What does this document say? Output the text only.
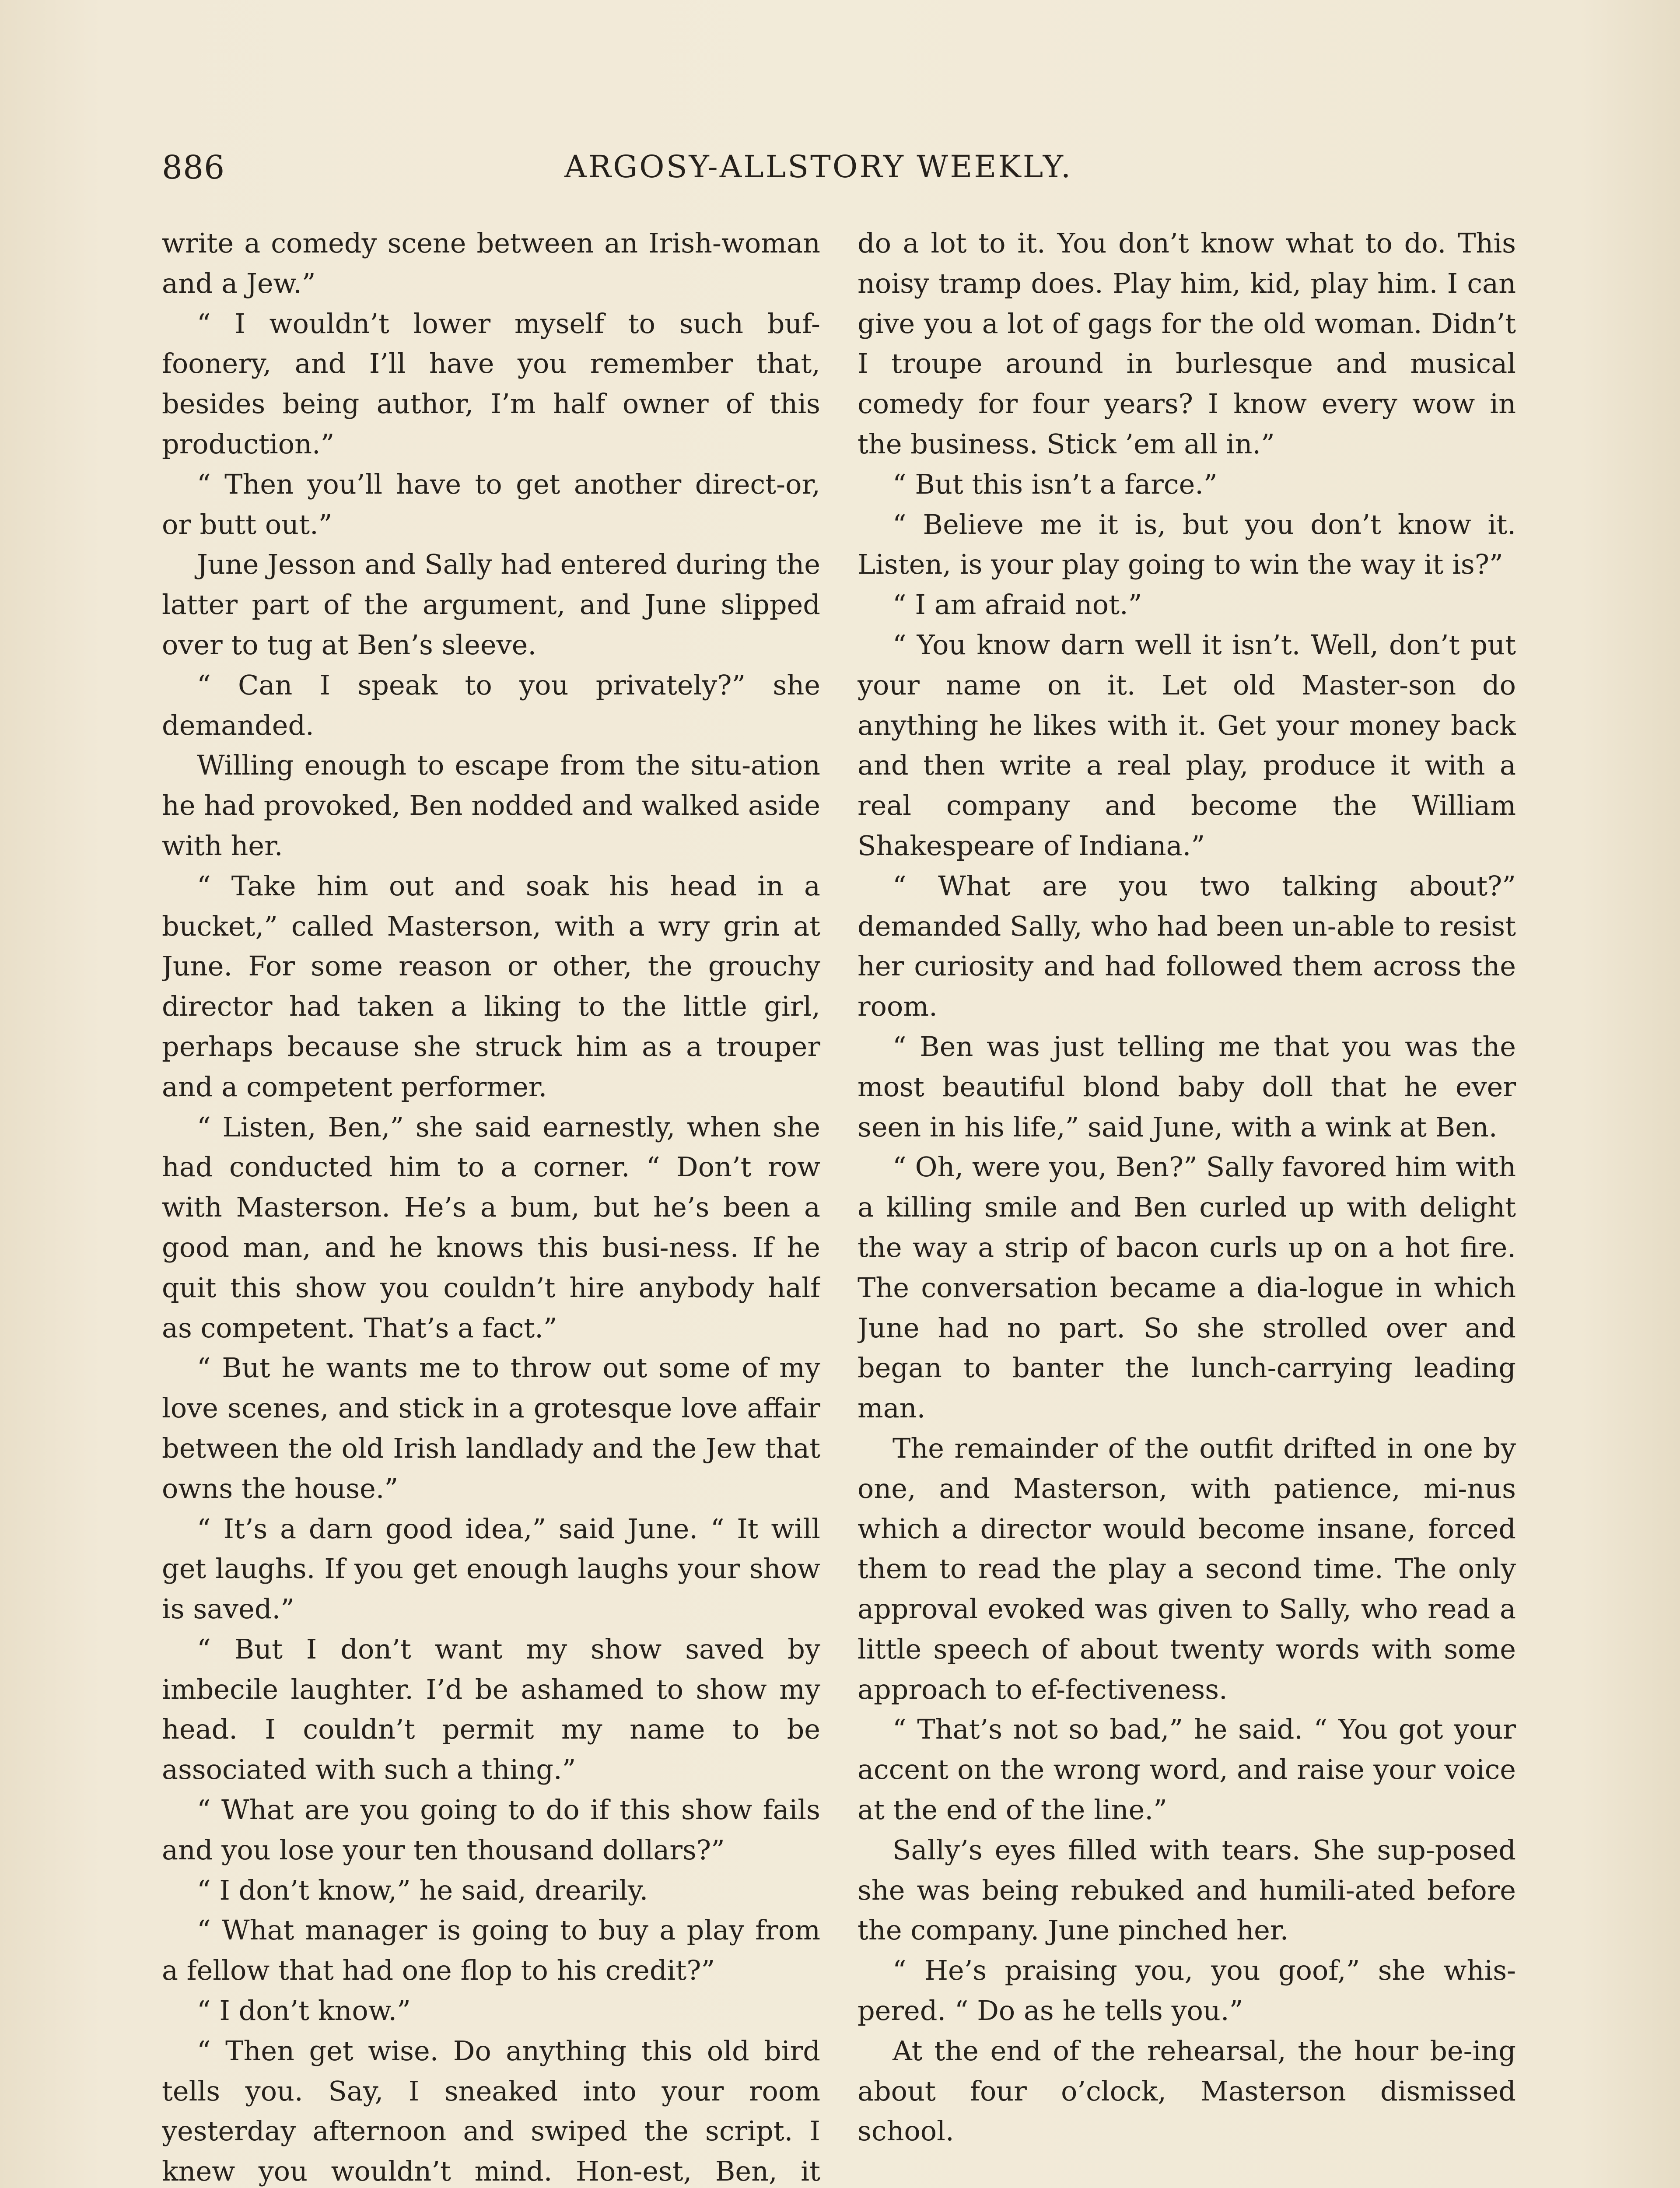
886	ARGOSY-ALLSTORY WEEKLY.

write a comedy scene between an Irish-woman and a Jew.”

“ I wouldn’t lower myself to such buf-foonery, and I’ll have you remember that, besides being author, I’m half owner of this production.”

“ Then you’ll have to get another direct-or, or butt out.”

June Jesson and Sally had entered during the latter part of the argument, and June slipped over to tug at Ben’s sleeve.

“ Can I speak to you privately?” she demanded.

Willing enough to escape from the situ-ation he had provoked, Ben nodded and walked aside with her.

“ Take him out and soak his head in a bucket,” called Masterson, with a wry grin at June. For some reason or other, the grouchy director had taken a liking to the little girl, perhaps because she struck him as a trouper and a competent performer.

“ Listen, Ben,” she said earnestly, when she had conducted him to a corner. “ Don’t row with Masterson. He’s a bum, but he’s been a good man, and he knows this busi-ness. If he quit this show you couldn’t hire anybody half as competent. That’s a fact.”

“ But he wants me to throw out some of my love scenes, and stick in a grotesque love affair between the old Irish landlady and the Jew that owns the house.”

“ It’s a darn good idea,” said June. “ It will get laughs. If you get enough laughs your show is saved.”

“ But I don’t want my show saved by imbecile laughter. I’d be ashamed to show my head. I couldn’t permit my name to be associated with such a thing.”

“ What are you going to do if this show fails and you lose your ten thousand dollars?”

“ I don’t know,” he said, drearily.

“ What manager is going to buy a play from a fellow that had one flop to his credit?”

“ I don’t know.”

“ Then get wise. Do anything this old bird tells you. Say, I sneaked into your room yesterday afternoon and swiped the script. I knew you wouldn’t mind. Hon-est, Ben, it

do a lot to it. You don’t know what to do. This noisy tramp does. Play him, kid, play him. I can give you a lot of gags for the old woman. Didn’t I troupe around in burlesque and musical comedy for four years? I know every wow in the business. Stick ’em all in.”

“ But this isn’t a farce.”

“ Believe me it is, but you don’t know it. Listen, is your play going to win the way it is?”

“ I am afraid not.”

“ You know darn well it isn’t. Well, don’t put your name on it. Let old Master-son do anything he likes with it. Get your money back and then write a real play, produce it with a real company and become the William Shakespeare of Indiana.”

“ What are you two talking about?” demanded Sally, who had been un-able to resist her curiosity and had followed them across the room.

“ Ben was just telling me that you was the most beautiful blond baby doll that he ever seen in his life,” said June, with a wink at Ben.

“ Oh, were you, Ben?” Sally favored him with a killing smile and Ben curled up with delight the way a strip of bacon curls up on a hot fire. The conversation became a dia-logue in which June had no part. So she strolled over and began to banter the lunch-carrying leading man.

The remainder of the outfit drifted in one by one, and Masterson, with patience, mi-nus which a director would become insane, forced them to read the play a second time. The only approval evoked was given to Sally, who read a little speech of about twenty words with some approach to ef-fectiveness.

“ That’s not so bad,” he said. “ You got your accent on the wrong word, and raise your voice at the end of the line.”

Sally’s eyes filled with tears. She sup-posed she was being rebuked and humili-ated before the company. June pinched her.

“ He’s praising you, you goof,” she whis-pered. “ Do as he tells you.”

At the end of the rehearsal, the hour be-ing about four o’clock, Masterson dismissed school.
